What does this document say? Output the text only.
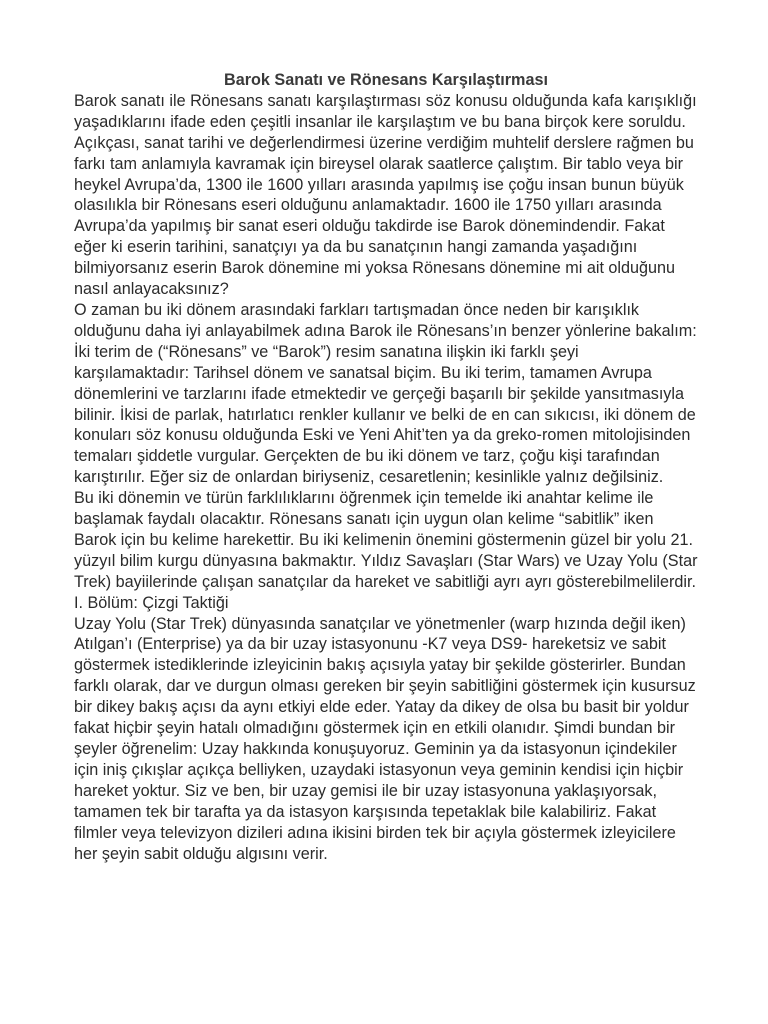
Barok Sanatı ve Rönesans Karşılaştırması

Barok sanatı ile Rönesans sanatı karşılaştırması söz konusu olduğunda kafa karışıklığı yaşadıklarını ifade eden çeşitli insanlar ile karşılaştım ve bu bana birçok kere soruldu. Açıkçası, sanat tarihi ve değerlendirmesi üzerine verdiğim muhtelif derslere rağmen bu farkı tam anlamıyla kavramak için bireysel olarak saatlerce çalıştım. Bir tablo veya bir heykel Avrupa’da, 1300 ile 1600 yılları arasında yapılmış ise çoğu insan bunun büyük olasılıkla bir Rönesans eseri olduğunu anlamaktadır. 1600 ile 1750 yılları arasında Avrupa’da yapılmış bir sanat eseri olduğu takdirde ise Barok dönemindendir. Fakat eğer ki eserin tarihini, sanatçıyı ya da bu sanatçının hangi zamanda yaşadığını bilmiyorsanız eserin Barok dönemine mi yoksa Rönesans dönemine mi ait olduğunu nasıl anlayacaksınız?

O zaman bu iki dönem arasındaki farkları tartışmadan önce neden bir karışıklık olduğunu daha iyi anlayabilmek adına Barok ile Rönesans’ın benzer yönlerine bakalım: İki terim de (“Rönesans” ve “Barok”) resim sanatına ilişkin iki farklı şeyi karşılamaktadır: Tarihsel dönem ve sanatsal biçim. Bu iki terim, tamamen Avrupa dönemlerini ve tarzlarını ifade etmektedir ve gerçeği başarılı bir şekilde yansıtmasıyla bilinir. İkisi de parlak, hatırlatıcı renkler kullanır ve belki de en can sıkıcısı, iki dönem de konuları söz konusu olduğunda Eski ve Yeni Ahit’ten ya da greko-romen mitolojisinden temaları şiddetle vurgular. Gerçekten de bu iki dönem ve tarz, çoğu kişi tarafından karıştırılır. Eğer siz de onlardan biriyseniz, cesaretlenin; kesinlikle yalnız değilsiniz.

Bu iki dönemin ve türün farklılıklarını öğrenmek için temelde iki anahtar kelime ile başlamak faydalı olacaktır. Rönesans sanatı için uygun olan kelime “sabitlik” iken Barok için bu kelime harekettir. Bu iki kelimenin önemini göstermenin güzel bir yolu 21. yüzyıl bilim kurgu dünyasına bakmaktır. Yıldız Savaşları (Star Wars) ve Uzay Yolu (Star Trek) bayiilerinde çalışan sanatçılar da hareket ve sabitliği ayrı ayrı gösterebilmelilerdir.

I. Bölüm: Çizgi Taktiği

Uzay Yolu (Star Trek) dünyasında sanatçılar ve yönetmenler (warp hızında değil iken) Atılgan’ı (Enterprise) ya da bir uzay istasyonunu -K7 veya DS9- hareketsiz ve sabit göstermek istediklerinde izleyicinin bakış açısıyla yatay bir şekilde gösterirler. Bundan farklı olarak, dar ve durgun olması gereken bir şeyin sabitliğini göstermek için kusursuz bir dikey bakış açısı da aynı etkiyi elde eder. Yatay da dikey de olsa bu basit bir yoldur fakat hiçbir şeyin hatalı olmadığını göstermek için en etkili olanıdır. Şimdi bundan bir şeyler öğrenelim: Uzay hakkında konuşuyoruz. Geminin ya da istasyonun içindekiler için iniş çıkışlar açıkça belliyken, uzaydaki istasyonun veya geminin kendisi için hiçbir hareket yoktur. Siz ve ben, bir uzay gemisi ile bir uzay istasyonuna yaklaşıyorsak, tamamen tek bir tarafta ya da istasyon karşısında tepetaklak bile kalabiliriz. Fakat filmler veya televizyon dizileri adına ikisini birden tek bir açıyla göstermek izleyicilere her şeyin sabit olduğu algısını verir.
